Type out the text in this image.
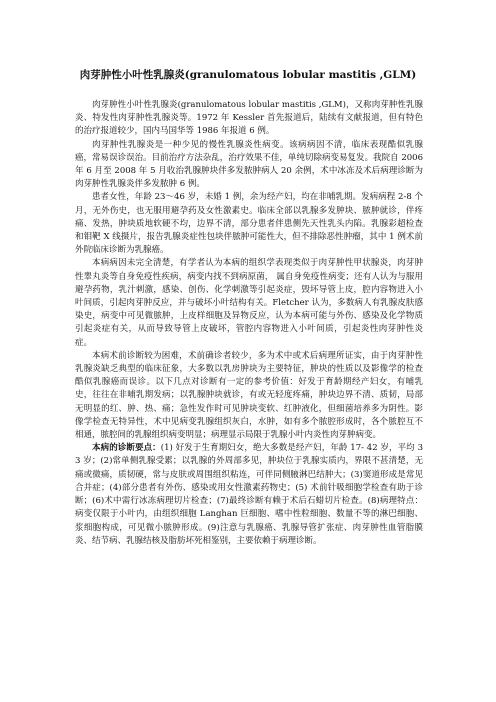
肉芽肿性小叶性乳腺炎(granulomatous lobular mastitis ,GLM)

肉芽肿性小叶性乳腺炎(granulomatous lobular mastitis ,GLM)，又称肉芽肿性乳腺炎、特发性肉芽肿性乳腺炎等。1972 年 Kessler 首先报道后，陆续有文献报道，但有特色的治疗报道较少，国内马国华等 1986 年报道 6 例。

肉芽肿性乳腺炎是一种少见的慢性乳腺炎性病变。该病病因不清，临床表现酷似乳腺癌，常易误诊误治。目前治疗方法杂乱，治疗效果不佳，单纯切除病变易复发。我院自 2006 年 6 月至 2008 年 5 月收治乳腺肿块伴多发脓肿病人 20 余例，术中冰冻及术后病理诊断为肉芽肿性乳腺炎伴多发脓肿 6 例。

患者女性，年龄 23～46 岁，未婚 1 例，余为经产妇，均在非哺乳期。发病病程 2-8 个月，无外伤史，也无服用避孕药及女性激素史。临床全部以乳腺多发肿块、脓肿就诊，伴疼痛、发热，肿块质地软硬不均，边界不清，部分患者伴患侧先天性乳头内陷。乳腺彩超检查和钼靶 X 线摄片，报告乳腺炎症性包块伴脓肿可能性大，但不排除恶性肿瘤，其中 1 例术前外院临床诊断为乳腺癌。

本病病因未完全清楚，有学者认为本病的组织学表现类似于肉芽肿性甲状腺炎，肉芽肿性睾丸炎等自身免疫性疾病，病变内找不到病原菌， 属自身免疫性病变；还有人认为与服用避孕药物，乳汁刺激，感染、创伤、化学刺激等引起炎症，毁坏导管上皮，腔内容物进入小叶间质，引起肉芽肿反应，并与破坏小叶结构有关。Fletcher 认为，多数病人有乳腺皮肤感染史，病变中可见微脓肿，上皮样细胞及异物反应，认为本病可能与外伤、感染及化学物质引起炎症有关，从而导致导管上皮破坏，管腔内容物进入小叶间质，引起炎性肉芽肿性炎症。

本病术前诊断较为困难，术前确诊者较少，多为术中或术后病理所证实，由于肉芽肿性乳腺炎缺乏典型的临床征象，大多数以乳房肿块为主要特征，肿块的性质以及影像学的检查酷似乳腺癌而误诊。以下几点对诊断有一定的参考价值：好发于育龄期经产妇女，有哺乳史，往往在非哺乳期发病；以乳腺肿块就诊，有或无轻度疼痛，肿块边界不清、质韧，局部无明显的红、肿、热、痛；急性发作时可见肿块变软、红肿液化，但细菌培养多为阴性。影像学检查无特异性，术中见病变乳腺组织灰白，水肿，如有多个脓腔形成时，各个脓腔互不相通，脓腔间的乳腺组织病变明显；病理显示局限于乳腺小叶内炎性肉芽肿病变。

本病的诊断要点：(1) 好发于生育期妇女，绝大多数是经产妇，年龄 17- 42 岁，平均 33 岁；(2)常单侧乳腺受累；以乳腺的外周部多见，肿块位于乳腺实质内，界限不甚清楚，无痛或微痛，质韧硬，常与皮肤或周围组织粘连，可伴同侧腋淋巴结肿大；(3)窦道形成是常见合并症；(4)部分患者有外伤、感染或用女性激素药物史；(5) 术前针吸细胞学检查有助于诊断；(6)术中需行冰冻病理切片检查；(7)最终诊断有赖于术后石蜡切片检查。(8)病理特点：病变仅限于小叶内，由组织细胞 Langhan 巨细胞、嗜中性粒细胞、数量不等的淋巴细胞、浆细胞构成，可见微小脓肿形成。(9)注意与乳腺癌、乳腺导管扩张症、肉芽肿性血管脂膜炎、结节病、乳腺结核及脂肪坏死相鉴别，主要依赖于病理诊断。
